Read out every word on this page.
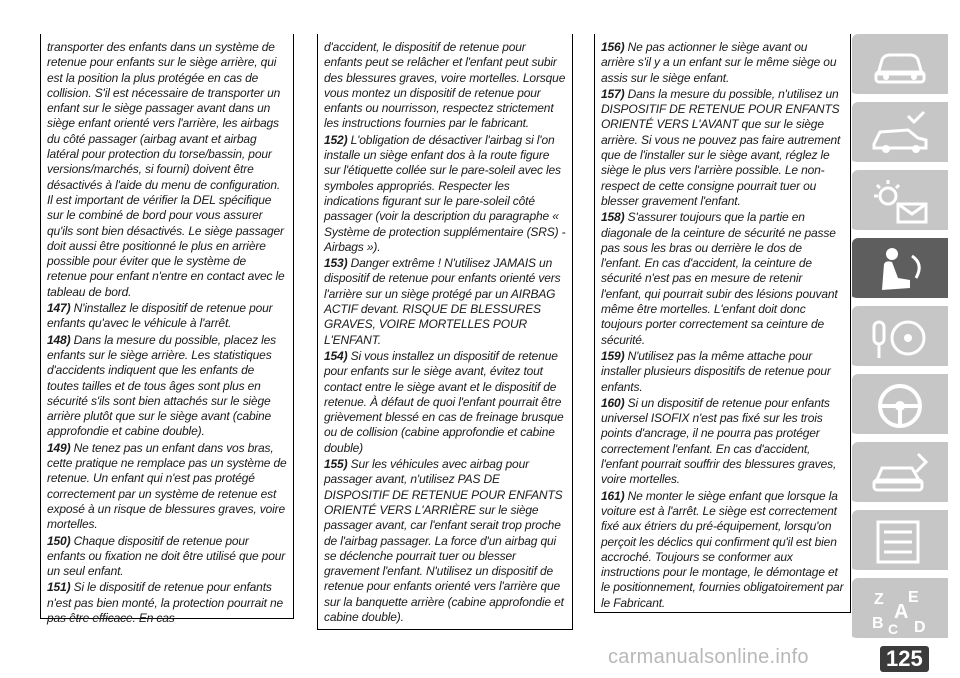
transporter des enfants dans un système de retenue pour enfants sur le siège arrière, qui est la position la plus protégée en cas de collision. S'il est nécessaire de transporter un enfant sur le siège passager avant dans un siège enfant orienté vers l'arrière, les airbags du côté passager (airbag avant et airbag latéral pour protection du torse/bassin, pour versions/marchés, si fourni) doivent être désactivés à l'aide du menu de configuration. Il est important de vérifier la DEL spécifique sur le combiné de bord pour vous assurer qu'ils sont bien désactivés. Le siège passager doit aussi être positionné le plus en arrière possible pour éviter que le système de retenue pour enfant n'entre en contact avec le tableau de bord.

147) N'installez le dispositif de retenue pour enfants qu'avec le véhicule à l'arrêt.

148) Dans la mesure du possible, placez les enfants sur le siège arrière. Les statistiques d'accidents indiquent que les enfants de toutes tailles et de tous âges sont plus en sécurité s'ils sont bien attachés sur le siège arrière plutôt que sur le siège avant (cabine approfondie et cabine double).

149) Ne tenez pas un enfant dans vos bras, cette pratique ne remplace pas un système de retenue. Un enfant qui n'est pas protégé correctement par un système de retenue est exposé à un risque de blessures graves, voire mortelles.

150) Chaque dispositif de retenue pour enfants ou fixation ne doit être utilisé que pour un seul enfant.

151) Si le dispositif de retenue pour enfants n'est pas bien monté, la protection pourrait ne pas être efficace. En cas

d'accident, le dispositif de retenue pour enfants peut se relâcher et l'enfant peut subir des blessures graves, voire mortelles. Lorsque vous montez un dispositif de retenue pour enfants ou nourrisson, respectez strictement les instructions fournies par le fabricant.

152) L'obligation de désactiver l'airbag si l'on installe un siège enfant dos à la route figure sur l'étiquette collée sur le pare-soleil avec les symboles appropriés. Respecter les indications figurant sur le pare-soleil côté passager (voir la description du paragraphe « Système de protection supplémentaire (SRS) - Airbags »).

153) Danger extrême ! N'utilisez JAMAIS un dispositif de retenue pour enfants orienté vers l'arrière sur un siège protégé par un AIRBAG ACTIF devant. RISQUE DE BLESSURES GRAVES, VOIRE MORTELLES POUR L'ENFANT.

154) Si vous installez un dispositif de retenue pour enfants sur le siège avant, évitez tout contact entre le siège avant et le dispositif de retenue. À défaut de quoi l'enfant pourrait être grièvement blessé en cas de freinage brusque ou de collision (cabine approfondie et cabine double)

155) Sur les véhicules avec airbag pour passager avant, n'utilisez PAS DE DISPOSITIF DE RETENUE POUR ENFANTS ORIENTÉ VERS L'ARRIÈRE sur le siège passager avant, car l'enfant serait trop proche de l'airbag passager. La force d'un airbag qui se déclenche pourrait tuer ou blesser gravement l'enfant. N'utilisez un dispositif de retenue pour enfants orienté vers l'arrière que sur la banquette arrière (cabine approfondie et cabine double).

156) Ne pas actionner le siège avant ou arrière s'il y a un enfant sur le même siège ou assis sur le siège enfant.

157) Dans la mesure du possible, n'utilisez un DISPOSITIF DE RETENUE POUR ENFANTS ORIENTÉ VERS L'AVANT que sur le siège arrière. Si vous ne pouvez pas faire autrement que de l'installer sur le siège avant, réglez le siège le plus vers l'arrière possible. Le non-respect de cette consigne pourrait tuer ou blesser gravement l'enfant.

158) S'assurer toujours que la partie en diagonale de la ceinture de sécurité ne passe pas sous les bras ou derrière le dos de l'enfant. En cas d'accident, la ceinture de sécurité n'est pas en mesure de retenir l'enfant, qui pourrait subir des lésions pouvant même être mortelles. L'enfant doit donc toujours porter correctement sa ceinture de sécurité.

159) N'utilisez pas la même attache pour installer plusieurs dispositifs de retenue pour enfants.

160) Si un dispositif de retenue pour enfants universel ISOFIX n'est pas fixé sur les trois points d'ancrage, il ne pourra pas protéger correctement l'enfant. En cas d'accident, l'enfant pourrait souffrir des blessures graves, voire mortelles.

161) Ne monter le siège enfant que lorsque la voiture est à l'arrêt. Le siège est correctement fixé aux étriers du pré-équipement, lorsqu'on perçoit les déclics qui confirment qu'il est bien accroché. Toujours se conformer aux instructions pour le montage, le démontage et le positionnement, fournies obligatoirement par le Fabricant.	Z E
A
B C D
carmanualsonline.info	125
